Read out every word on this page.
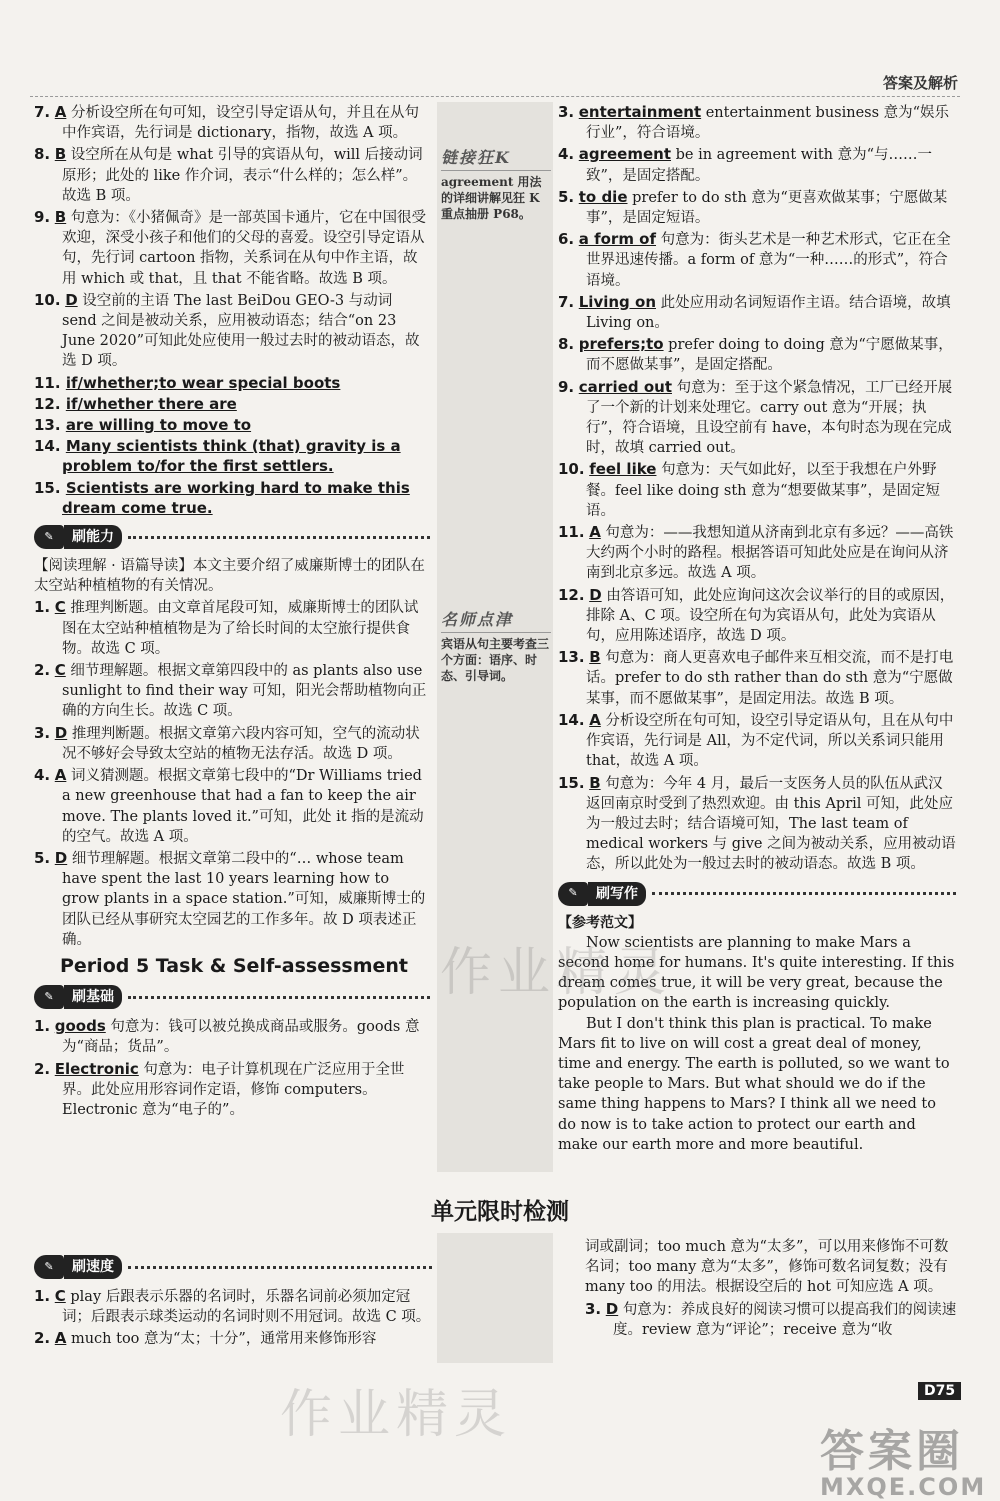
答案及解析
链接狂K
agreement 用法的详细讲解见狂 K 重点抽册 P68。
名师点津
宾语从句主要考查三个方面：语序、时态、引导词。
7. A 分析设空所在句可知，设空引导定语从句，并且在从句中作宾语，先行词是 dictionary，指物，故选 A 项。
8. B 设空所在从句是 what 引导的宾语从句，will 后接动词原形；此处的 like 作介词，表示“什么样的；怎么样”。故选 B 项。
9. B 句意为：《小猪佩奇》是一部英国卡通片，它在中国很受欢迎，深受小孩子和他们的父母的喜爱。设空引导定语从句，先行词 cartoon 指物，关系词在从句中作主语，故用 which 或 that，且 that 不能省略。故选 B 项。
10. D 设空前的主语 The last BeiDou GEO-3 与动词 send 之间是被动关系，应用被动语态；结合“on 23 June 2020”可知此处应使用一般过去时的被动语态，故选 D 项。
11. if/whether;to wear special boots
12. if/whether there are
13. are willing to move to
14. Many scientists think (that) gravity is a problem to/for the first settlers.
15. Scientists are working hard to make this dream come true.
✎	刷能力
【阅读理解 · 语篇导读】本文主要介绍了威廉斯博士的团队在太空站种植植物的有关情况。
1. C 推理判断题。由文章首尾段可知，威廉斯博士的团队试图在太空站种植植物是为了给长时间的太空旅行提供食物。故选 C 项。
2. C 细节理解题。根据文章第四段中的 as plants also use sunlight to find their way 可知，阳光会帮助植物向正确的方向生长。故选 C 项。
3. D 推理判断题。根据文章第六段内容可知，空气的流动状况不够好会导致太空站的植物无法存活。故选 D 项。
4. A 词义猜测题。根据文章第七段中的“Dr Williams tried a new greenhouse that had a fan to keep the air move. The plants loved it.”可知，此处 it 指的是流动的空气。故选 A 项。
5. D 细节理解题。根据文章第二段中的“… whose team have spent the last 10 years learning how to grow plants in a space station.”可知，威廉斯博士的团队已经从事研究太空园艺的工作多年。故 D 项表述正确。
Period 5 Task & Self-assessment
✎	刷基础
1. goods 句意为：钱可以被兑换成商品或服务。goods 意为“商品；货品”。
2. Electronic 句意为：电子计算机现在广泛应用于全世界。此处应用形容词作定语，修饰 computers。Electronic 意为“电子的”。
3. entertainment entertainment business 意为“娱乐行业”，符合语境。
4. agreement be in agreement with 意为“与……一致”，是固定搭配。
5. to die prefer to do sth 意为“更喜欢做某事；宁愿做某事”，是固定短语。
6. a form of 句意为：街头艺术是一种艺术形式，它正在全世界迅速传播。a form of 意为“一种……的形式”，符合语境。
7. Living on 此处应用动名词短语作主语。结合语境，故填 Living on。
8. prefers;to prefer doing to doing 意为“宁愿做某事，而不愿做某事”，是固定搭配。
9. carried out 句意为：至于这个紧急情况，工厂已经开展了一个新的计划来处理它。carry out 意为“开展；执行”，符合语境，且设空前有 have，本句时态为现在完成时，故填 carried out。
10. feel like 句意为：天气如此好，以至于我想在户外野餐。feel like doing sth 意为“想要做某事”，是固定短语。
11. A 句意为：——我想知道从济南到北京有多远？——高铁大约两个小时的路程。根据答语可知此处应是在询问从济南到北京多远。故选 A 项。
12. D 由答语可知，此处应询问这次会议举行的目的或原因，排除 A、C 项。设空所在句为宾语从句，此处为宾语从句，应用陈述语序，故选 D 项。
13. B 句意为：商人更喜欢电子邮件来互相交流，而不是打电话。prefer to do sth rather than do sth 意为“宁愿做某事，而不愿做某事”，是固定用法。故选 B 项。
14. A 分析设空所在句可知，设空引导定语从句，且在从句中作宾语，先行词是 All，为不定代词，所以关系词只能用 that，故选 A 项。
15. B 句意为：今年 4 月，最后一支医务人员的队伍从武汉返回南京时受到了热烈欢迎。由 this April 可知，此处应为一般过去时；结合语境可知，The last team of medical workers 与 give 之间为被动关系，应用被动语态，所以此处为一般过去时的被动语态。故选 B 项。
✎	刷写作
【参考范文】

Now scientists are planning to make Mars a second home for humans. It's quite interesting. If this dream comes true, it will be very great, because the population on the earth is increasing quickly.

But I don't think this plan is practical. To make Mars fit to live on will cost a great deal of money, time and energy. The earth is polluted, so we want to take people to Mars. But what should we do if the same thing happens to Mars? I think all we need to do now is to take action to protect our earth and make our earth more and more beautiful.

单元限时检测
✎	刷速度
1. C play 后跟表示乐器的名词时，乐器名词前必须加定冠词；后跟表示球类运动的名词时则不用冠词。故选 C 项。
2. A much too 意为“太；十分”，通常用来修饰形容
词或副词；too much 意为“太多”，可以用来修饰不可数名词；too many 意为“太多”，修饰可数名词复数；没有 many too 的用法。根据设空后的 hot 可知应选 A 项。
3. D 句意为：养成良好的阅读习惯可以提高我们的阅读速度。review 意为“评论”；receive 意为“收
D75
作业精灵
作业精灵
答案圈
MXQE.COM
